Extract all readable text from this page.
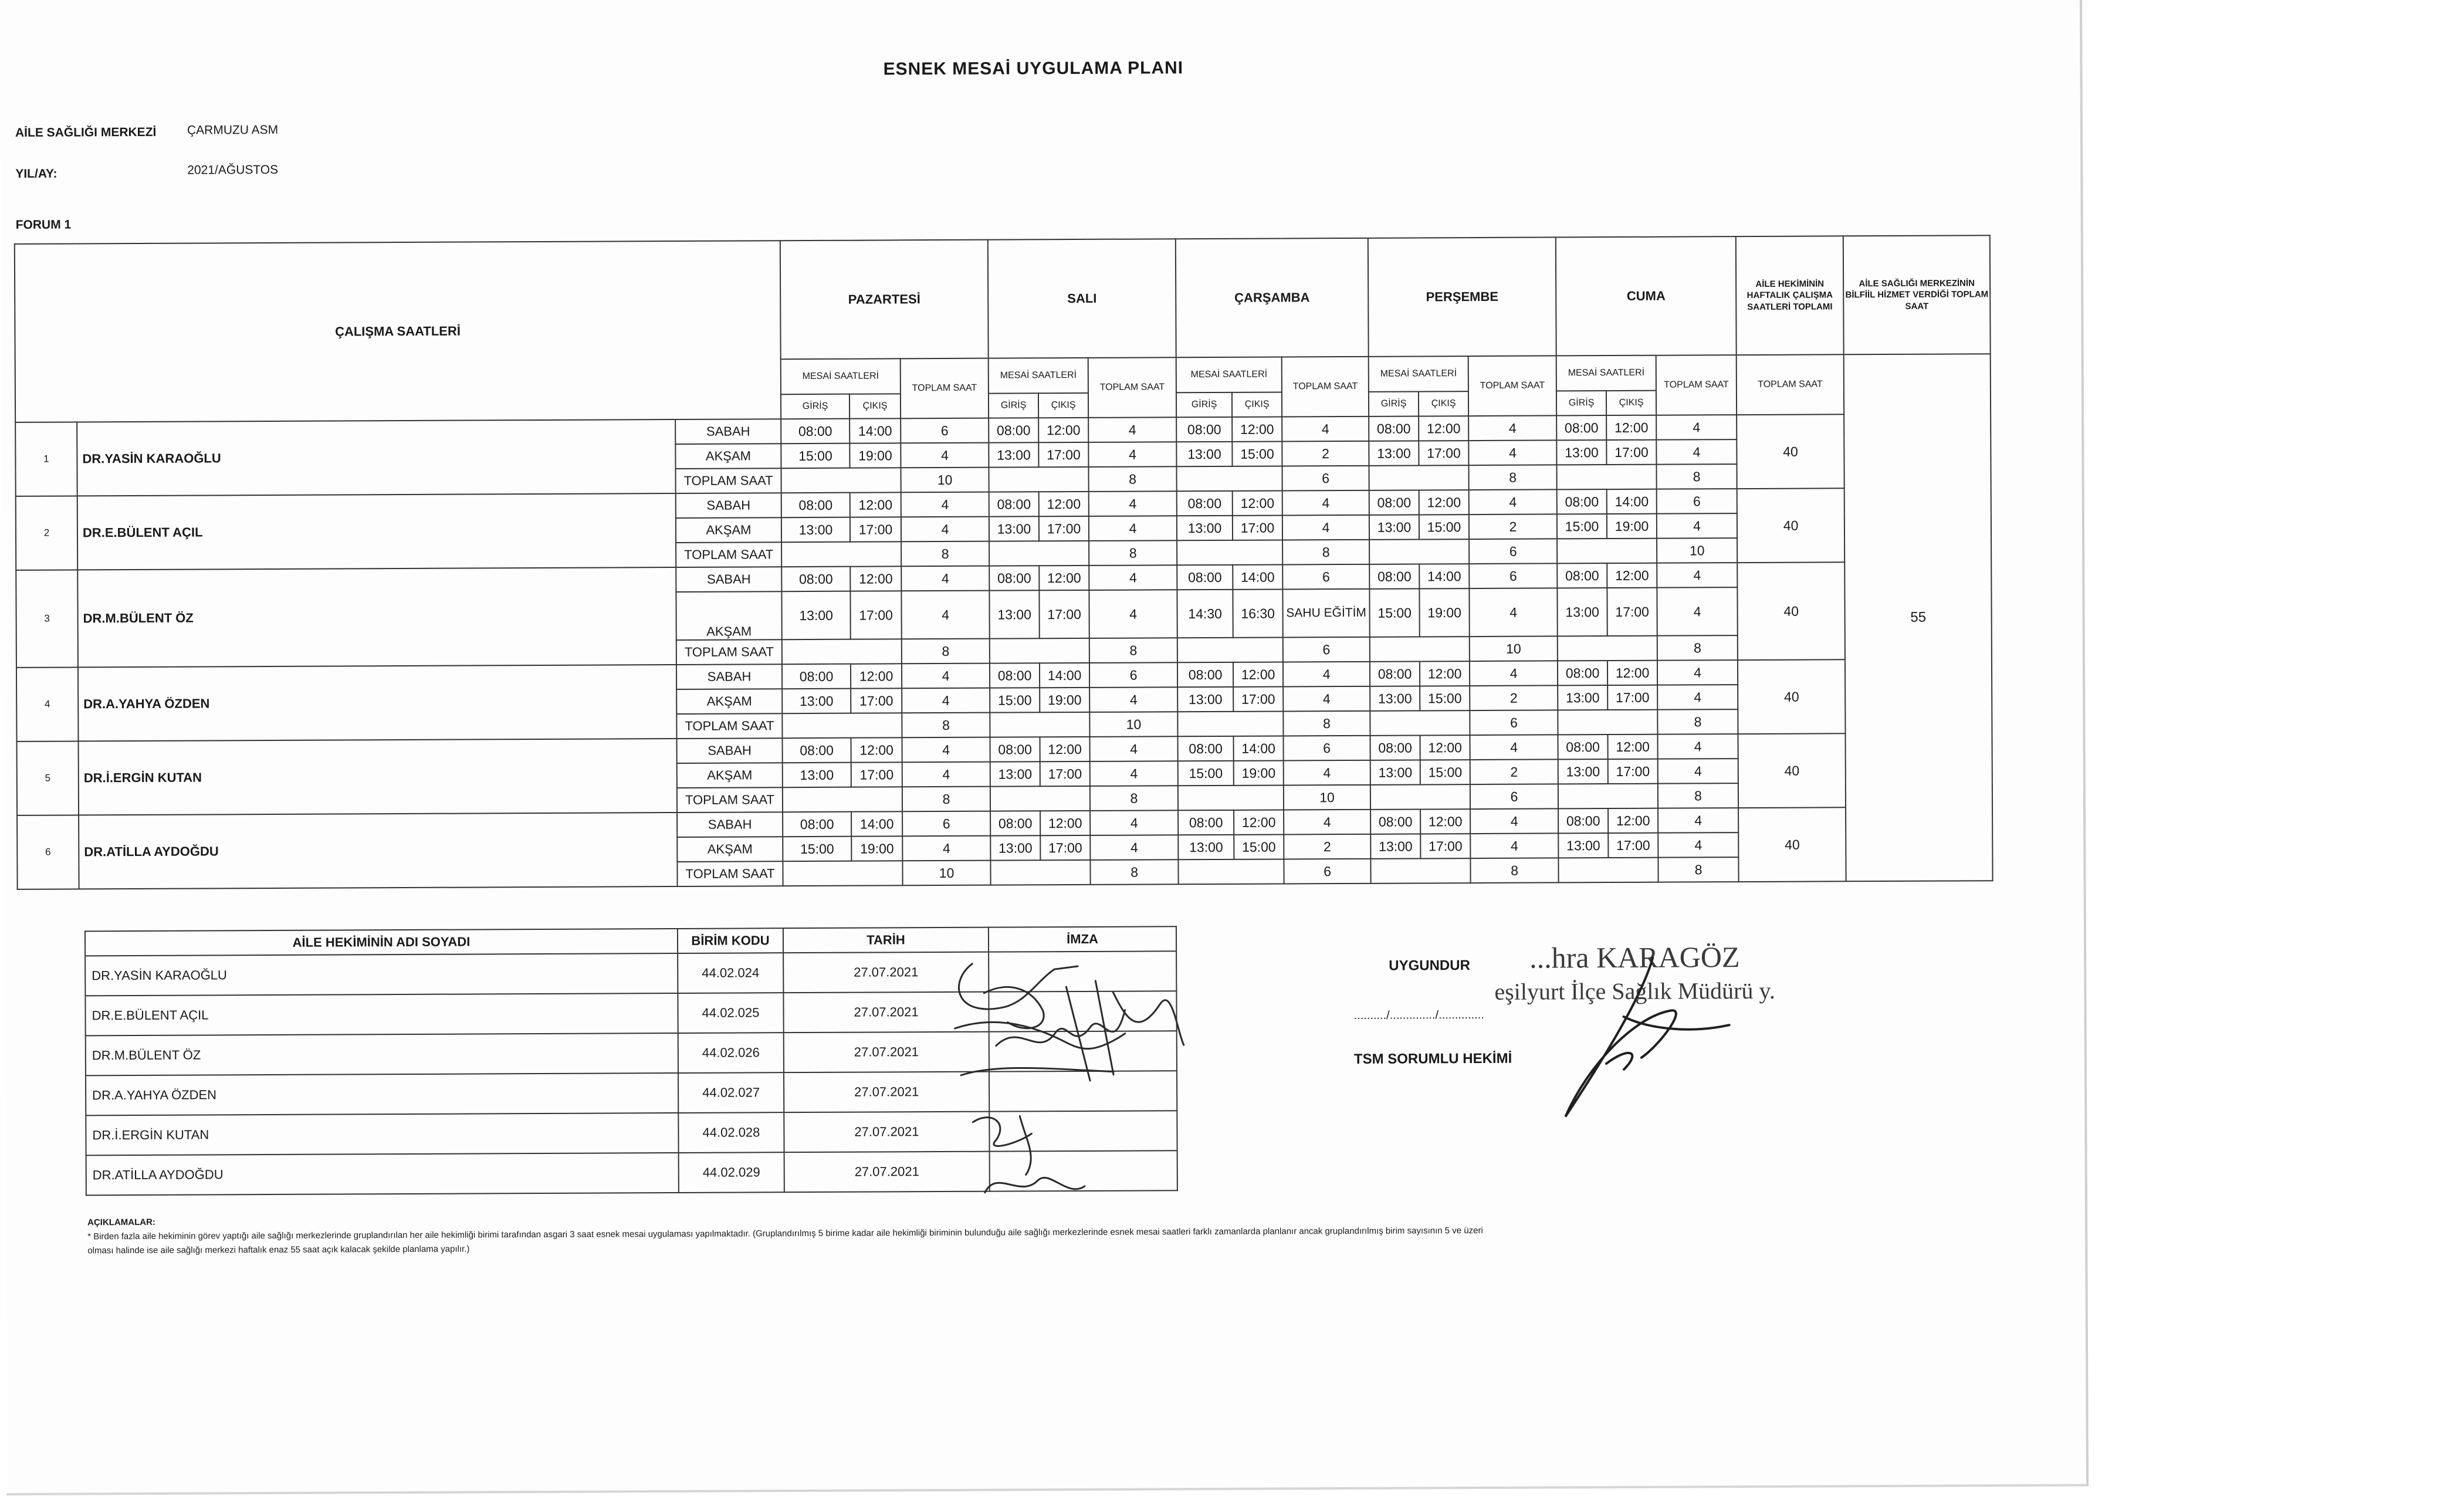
ESNEK MESAİ UYGULAMA PLANI
AİLE SAĞLIĞI MERKEZİ	ÇARMUZU ASM
YIL/AY:	2021/AĞUSTOS
FORUM 1
ÇALIŞMA SAATLERİ			PAZARTESİ			SALI			ÇARŞAMBA			PERŞEMBE			CUMA			AİLE HEKİMİNİN HAFTALIK ÇALIŞMA SAATLERİ TOPLAMI	AİLE SAĞLIĞI MERKEZİNİN BİLFİİL HİZMET VERDİĞİ TOPLAM SAAT
			MESAİ SAATLERİ		TOPLAM SAAT	MESAİ SAATLERİ		TOPLAM SAAT	MESAİ SAATLERİ		TOPLAM SAAT	MESAİ SAATLERİ		TOPLAM SAAT	MESAİ SAATLERİ		TOPLAM SAAT	TOPLAM SAAT	55
			GİRİŞ	ÇIKIŞ		GİRİŞ	ÇIKIŞ		GİRİŞ	ÇIKIŞ		GİRİŞ	ÇIKIŞ		GİRİŞ	ÇIKIŞ			
1	DR.YASİN KARAOĞLU	SABAH	08:00	14:00	6	08:00	12:00	4	08:00	12:00	4	08:00	12:00	4	08:00	12:00	4	40	
		AKŞAM	15:00	19:00	4	13:00	17:00	4	13:00	15:00	2	13:00	17:00	4	13:00	17:00	4		
		TOPLAM SAAT			10			8			6			8			8		
2	DR.E.BÜLENT AÇIL	SABAH	08:00	12:00	4	08:00	12:00	4	08:00	12:00	4	08:00	12:00	4	08:00	14:00	6	40	
		AKŞAM	13:00	17:00	4	13:00	17:00	4	13:00	17:00	4	13:00	15:00	2	15:00	19:00	4		
		TOPLAM SAAT			8			8			8			6			10		
3	DR.M.BÜLENT ÖZ	SABAH	08:00	12:00	4	08:00	12:00	4	08:00	14:00	6	08:00	14:00	6	08:00	12:00	4	40	
		AKŞAM	13:00	17:00	4	13:00	17:00	4	14:30	16:30	SAHU EĞİTİM	15:00	19:00	4	13:00	17:00	4		
		TOPLAM SAAT			8			8			6			10			8		
4	DR.A.YAHYA ÖZDEN	SABAH	08:00	12:00	4	08:00	14:00	6	08:00	12:00	4	08:00	12:00	4	08:00	12:00	4	40	
		AKŞAM	13:00	17:00	4	15:00	19:00	4	13:00	17:00	4	13:00	15:00	2	13:00	17:00	4		
		TOPLAM SAAT			8			10			8			6			8		
5	DR.İ.ERGİN KUTAN	SABAH	08:00	12:00	4	08:00	12:00	4	08:00	14:00	6	08:00	12:00	4	08:00	12:00	4	40	
		AKŞAM	13:00	17:00	4	13:00	17:00	4	15:00	19:00	4	13:00	15:00	2	13:00	17:00	4		
		TOPLAM SAAT			8			8			10			6			8		
6	DR.ATİLLA AYDOĞDU	SABAH	08:00	14:00	6	08:00	12:00	4	08:00	12:00	4	08:00	12:00	4	08:00	12:00	4	40	
		AKŞAM	15:00	19:00	4	13:00	17:00	4	13:00	15:00	2	13:00	17:00	4	13:00	17:00	4		
		TOPLAM SAAT			10			8			6			8			8		
AİLE HEKİMİNİN ADI SOYADI	BİRİM KODU	TARİH	İMZA
DR.YASİN KARAOĞLU	44.02.024	27.07.2021	
DR.E.BÜLENT AÇIL	44.02.025	27.07.2021	
DR.M.BÜLENT ÖZ	44.02.026	27.07.2021	
DR.A.YAHYA ÖZDEN	44.02.027	27.07.2021	
DR.İ.ERGİN KUTAN	44.02.028	27.07.2021	
DR.ATİLLA AYDOĞDU	44.02.029	27.07.2021	
UYGUNDUR
........../............../..............
TSM SORUMLU HEKİMİ
...hra KARAGÖZ
eşilyurt İlçe Sağlık Müdürü y.
AÇIKLAMALAR:
* Birden fazla aile hekiminin görev yaptığı aile sağlığı merkezlerinde gruplandırılan her aile hekimliği birimi tarafından asgari 3 saat esnek mesai uygulaması yapılmaktadır. (Gruplandırılmış 5 birime kadar aile hekimliği biriminin bulunduğu aile sağlığı merkezlerinde esnek mesai saatleri farklı zamanlarda planlanır ancak gruplandırılmış birim sayısının 5 ve üzeri olması halinde ise aile sağlığı merkezi haftalık enaz 55 saat açık kalacak şekilde planlama yapılır.)
